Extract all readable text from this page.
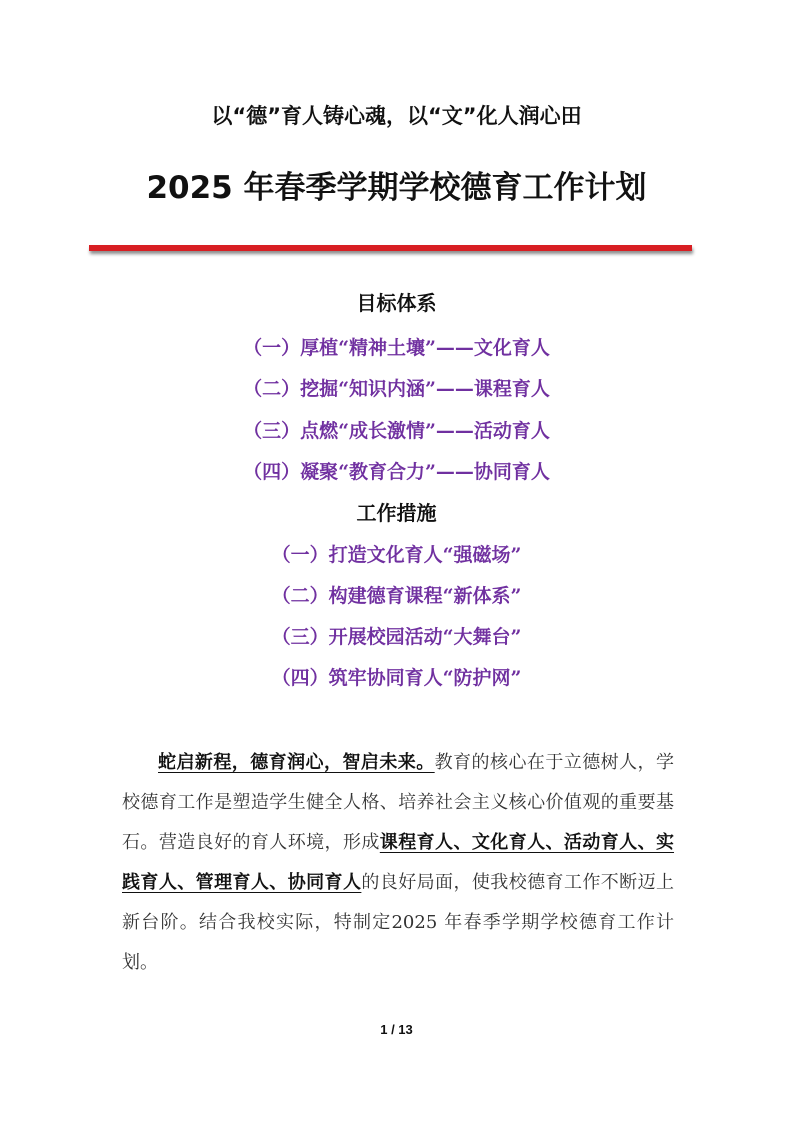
以“德”育人铸心魂，以“文”化人润心田
2025 年春季学期学校德育工作计划
目标体系
（一）厚植“精神土壤”——文化育人
（二）挖掘“知识内涵”——课程育人
（三）点燃“成长激情”——活动育人
（四）凝聚“教育合力”——协同育人
工作措施
（一）打造文化育人“强磁场”
（二）构建德育课程“新体系”
（三）开展校园活动“大舞台”
（四）筑牢协同育人“防护网”

蛇启新程，德育润心，智启未来。教育的核心在于立德树人，学校德育工作是塑造学生健全人格、培养社会主义核心价值观的重要基石。营造良好的育人环境，形成课程育人、文化育人、活动育人、实践育人、管理育人、协同育人的良好局面，使我校德育工作不断迈上新台阶。结合我校实际，特制定2025 年春季学期学校德育工作计划。

1 / 13
